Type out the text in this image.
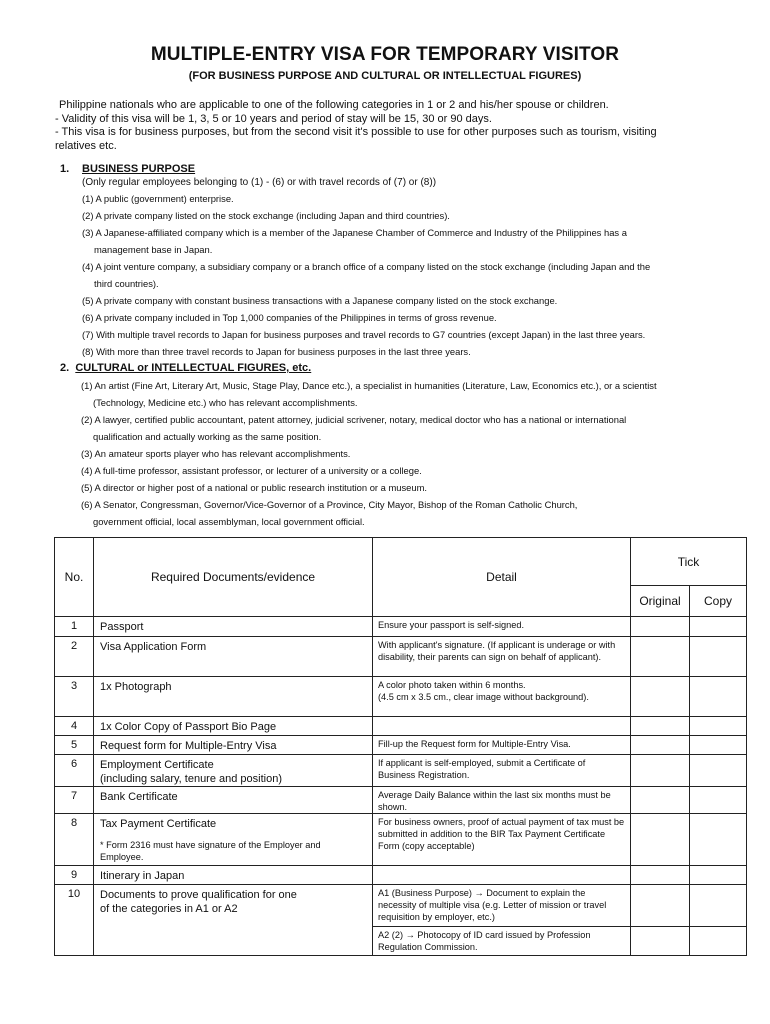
MULTIPLE-ENTRY VISA FOR TEMPORARY VISITOR
(FOR BUSINESS PURPOSE AND CULTURAL OR INTELLECTUAL FIGURES)
Philippine nationals who are applicable to one of the following categories in 1 or 2 and his/her spouse or children.
- Validity of this visa will be 1, 3, 5 or 10 years and period of stay will be 15, 30 or 90 days.
- This visa is for business purposes, but from the second visit it's possible to use for other purposes such as tourism, visiting
relatives etc.
1. BUSINESS PURPOSE
(Only regular employees belonging to (1) - (6) or with travel records of (7) or (8))
(1) A public (government) enterprise.
(2) A private company listed on the stock exchange (including Japan and third countries).
(3) A Japanese-affiliated company which is a member of the Japanese Chamber of Commerce and Industry of the Philippines has a
management base in Japan.
(4) A joint venture company, a subsidiary company or a branch office of a company listed on the stock exchange (including Japan and the
third countries).
(5) A private company with constant business transactions with a Japanese company listed on the stock exchange.
(6) A private company included in Top 1,000 companies of the Philippines in terms of gross revenue.
(7) With multiple travel records to Japan for business purposes and travel records to G7 countries (except Japan) in the last three years.
(8) With more than three travel records to Japan for business purposes in the last three years.
2. CULTURAL or INTELLECTUAL FIGURES, etc.
(1) An artist (Fine Art, Literary Art, Music, Stage Play, Dance etc.), a specialist in humanities (Literature, Law, Economics etc.), or a scientist
(Technology, Medicine etc.) who has relevant accomplishments.
(2) A lawyer, certified public accountant, patent attorney, judicial scrivener, notary, medical doctor who has a national or international
qualification and actually working as the same position.
(3) An amateur sports player who has relevant accomplishments.
(4) A full-time professor, assistant professor, or lecturer of a university or a college.
(5) A director or higher post of a national or public research institution or a museum.
(6) A Senator, Congressman, Governor/Vice-Governor of a Province, City Mayor, Bishop of the Roman Catholic Church,
government official, local assemblyman, local government official.
No.	Required Documents/evidence	Detail	Tick	
			Original	Copy
1	Passport	Ensure your passport is self-signed.		
2	Visa Application Form	With applicant's signature. (If applicant is underage or with disability, their parents can sign on behalf of applicant).		
3	1x Photograph	A color photo taken within 6 months.
(4.5 cm x 3.5 cm., clear image without background).		
4	1x Color Copy of Passport Bio Page			
5	Request form for Multiple-Entry Visa	Fill-up the Request form for Multiple-Entry Visa.		
6	Employment Certificate
(including salary, tenure and position)	If applicant is self-employed, submit a Certificate of Business Registration.		
7	Bank Certificate	Average Daily Balance within the last six months must be shown.		
8	Tax Payment Certificate
* Form 2316 must have signature of the Employer and Employee.	For business owners, proof of actual payment of tax must be submitted in addition to the BIR Tax Payment Certificate Form (copy acceptable)		
9	Itinerary in Japan			
10	Documents to prove qualification for one
of the categories in A1 or A2	A1 (Business Purpose) → Document to explain the necessity of multiple visa (e.g. Letter of mission or travel requisition by employer, etc.)		
		A2 (2) → Photocopy of ID card issued by Profession Regulation Commission.		
